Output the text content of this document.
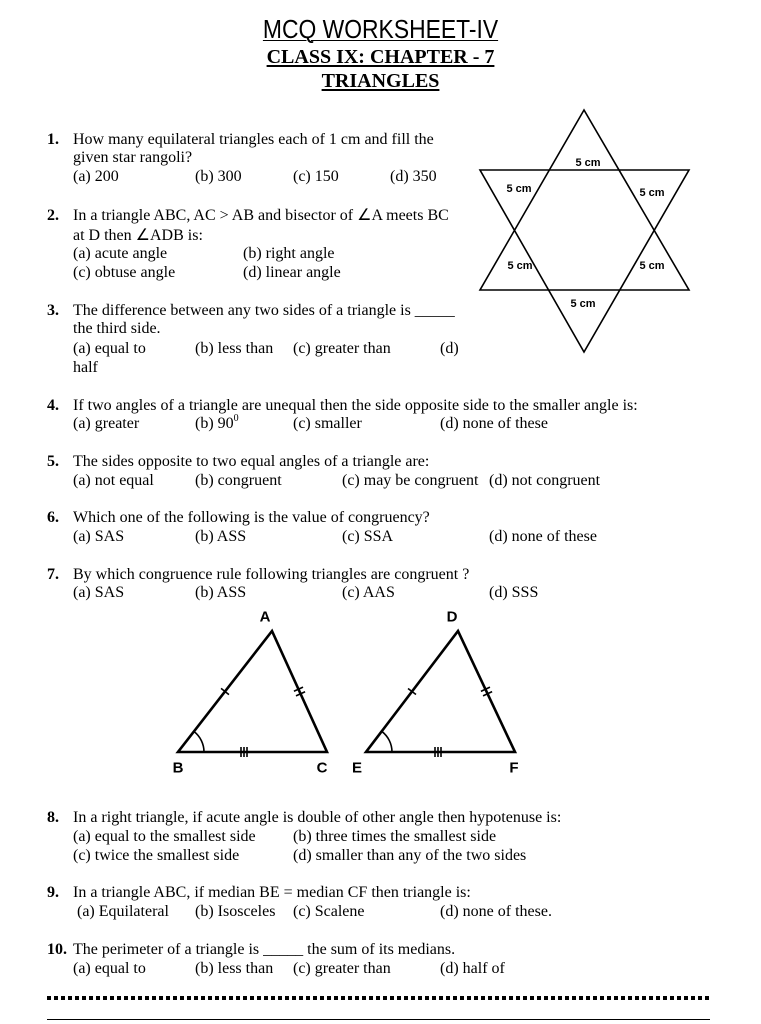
MCQ WORKSHEET-IV
CLASS IX: CHAPTER - 7
TRIANGLES
1. How many equilateral triangles each of 1 cm and fill the
given star rangoli?
(a) 200	(b) 300	(c) 150	(d) 350
2. In a triangle ABC, AC > AB and bisector of ∠A meets BC
at D then ∠ADB is:
(a) acute angle	(b) right angle
(c) obtuse angle	(d) linear angle
3. The difference between any two sides of a triangle is _____
the third side.
(a) equal to	(b) less than (c) greater than	(d)
half
4. If two angles of a triangle are unequal then the side opposite side to the smaller angle is:
(a) greater	(b) $90^0$	(c) smaller	(d) none of these
5. The sides opposite to two equal angles of a triangle are:
(a) not equal	(b) congruent	(c) may be congruent (d) not congruent
6. Which one of the following is the value of congruency?
(a) SAS	(b) ASS	(c) SSA	(d) none of these
7. By which congruence rule following triangles are congruent ?
(a) SAS	(b) ASS	(c) AAS	(d) SSS
5 cm
5 cm	5 cm
5 cm	5 cm
5 cm
A
B	C
D
E	F
8. In a right triangle, if acute angle is double of other angle then hypotenuse is:
(a) equal to the smallest side (b) three times the smallest side
(c) twice the smallest side	(d) smaller than any of the two sides
9. In a triangle ABC, if median BE = median CF then triangle is:
(a) Equilateral (b) Isosceles (c) Scalene	(d) none of these.
10. The perimeter of a triangle is _____ the sum of its medians.
(a) equal to	(b) less than (c) greater than	(d) half of
